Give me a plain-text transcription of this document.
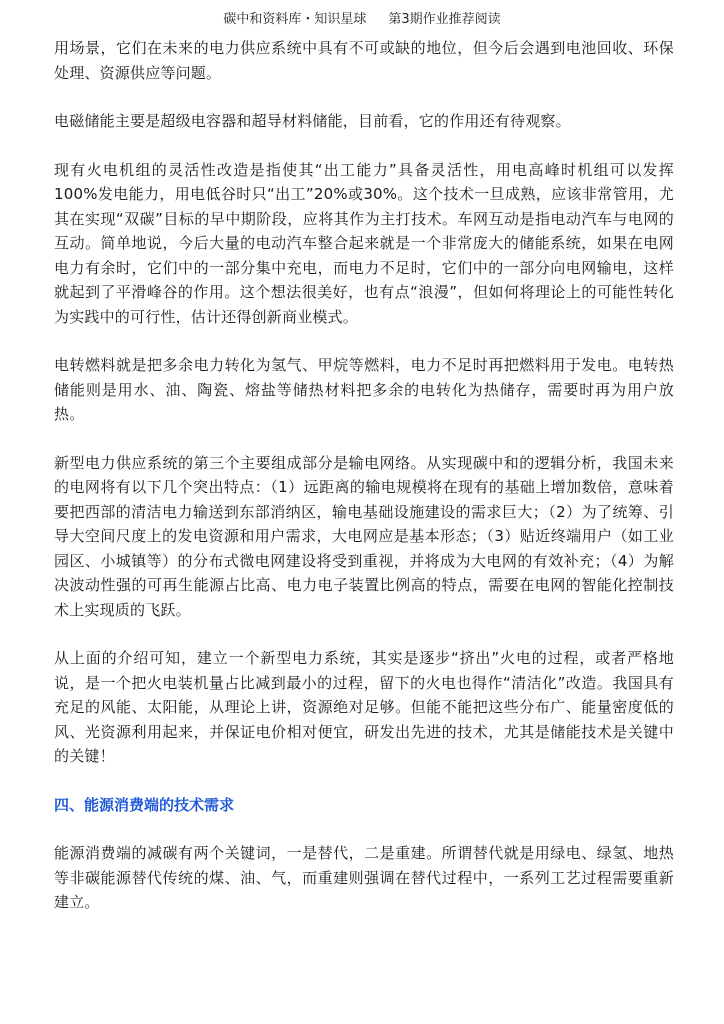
碳中和资料库・知识星球 第3期作业推荐阅读

用场景，它们在未来的电力供应系统中具有不可或缺的地位，但今后会遇到电池回收、环保处理、资源供应等问题。

电磁储能主要是超级电容器和超导材料储能，目前看，它的作用还有待观察。

现有火电机组的灵活性改造是指使其“出工能力”具备灵活性，用电高峰时机组可以发挥100%发电能力，用电低谷时只“出工”20%或30%。这个技术一旦成熟，应该非常管用，尤其在实现“双碳”目标的早中期阶段，应将其作为主打技术。车网互动是指电动汽车与电网的互动。简单地说，今后大量的电动汽车整合起来就是一个非常庞大的储能系统，如果在电网电力有余时，它们中的一部分集中充电，而电力不足时，它们中的一部分向电网输电，这样就起到了平滑峰谷的作用。这个想法很美好，也有点“浪漫”，但如何将理论上的可能性转化为实践中的可行性，估计还得创新商业模式。

电转燃料就是把多余电力转化为氢气、甲烷等燃料，电力不足时再把燃料用于发电。电转热储能则是用水、油、陶瓷、熔盐等储热材料把多余的电转化为热储存，需要时再为用户放热。

新型电力供应系统的第三个主要组成部分是输电网络。从实现碳中和的逻辑分析，我国未来的电网将有以下几个突出特点：（1）远距离的输电规模将在现有的基础上增加数倍，意味着要把西部的清洁电力输送到东部消纳区，输电基础设施建设的需求巨大；（2）为了统筹、引导大空间尺度上的发电资源和用户需求，大电网应是基本形态；（3）贴近终端用户（如工业园区、小城镇等）的分布式微电网建设将受到重视，并将成为大电网的有效补充；（4）为解决波动性强的可再生能源占比高、电力电子装置比例高的特点，需要在电网的智能化控制技术上实现质的飞跃。

从上面的介绍可知，建立一个新型电力系统，其实是逐步“挤出”火电的过程，或者严格地说，是一个把火电装机量占比减到最小的过程，留下的火电也得作“清洁化”改造。我国具有充足的风能、太阳能，从理论上讲，资源绝对足够。但能不能把这些分布广、能量密度低的风、光资源利用起来，并保证电价相对便宜，研发出先进的技术，尤其是储能技术是关键中的关键！

四、能源消费端的技术需求

能源消费端的减碳有两个关键词，一是替代，二是重建。所谓替代就是用绿电、绿氢、地热等非碳能源替代传统的煤、油、气，而重建则强调在替代过程中，一系列工艺过程需要重新建立。
